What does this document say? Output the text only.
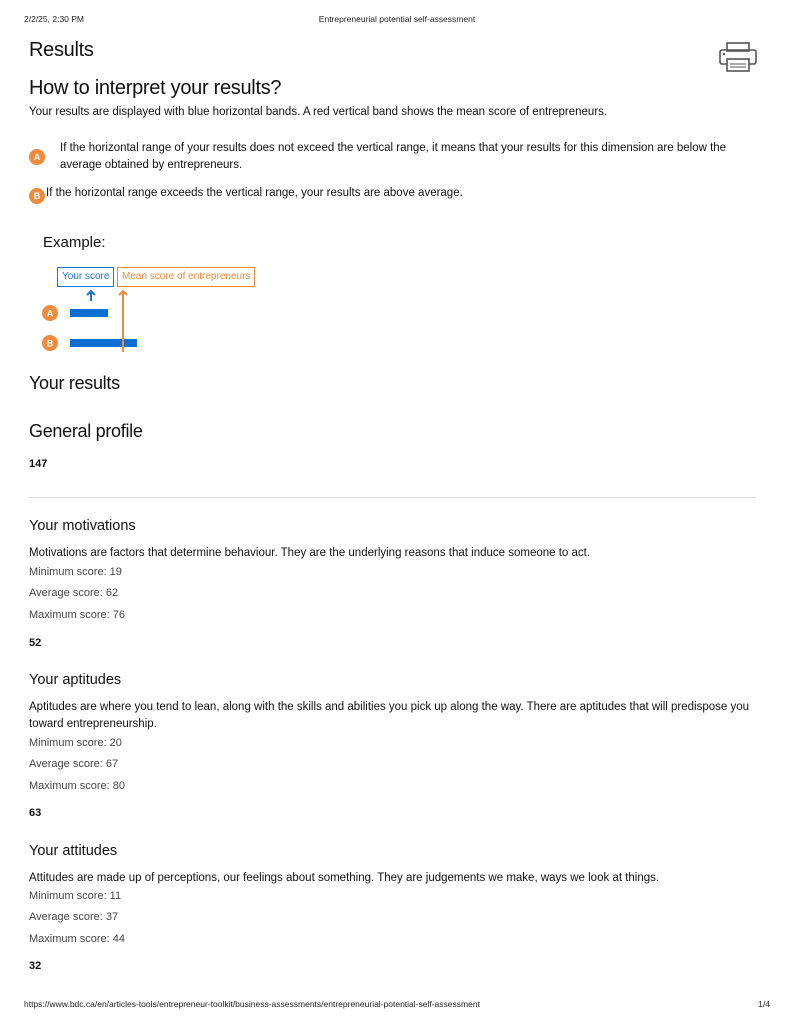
2/2/25, 2:30 PM	Entrepreneurial potential self-assessment
Results
How to interpret your results?

Your results are displayed with blue horizontal bands. A red vertical band shows the mean score of entrepreneurs.

A

If the horizontal range of your results does not exceed the vertical range, it means that your results for this dimension are below the average obtained by entrepreneurs.

B If the horizontal range exceeds the vertical range, your results are above average.

Example:

Your score	Mean score of entrepreneurs
A
B
Your results
General profile

147

Your motivations

Motivations are factors that determine behaviour. They are the underlying reasons that induce someone to act.

Minimum score: 19

Average score: 62

Maximum score: 76

52

Your aptitudes

Aptitudes are where you tend to lean, along with the skills and abilities you pick up along the way. There are aptitudes that will predispose you toward entrepreneurship.

Minimum score: 20

Average score: 67

Maximum score: 80

63

Your attitudes

Attitudes are made up of perceptions, our feelings about something. They are judgements we make, ways we look at things.

Minimum score: 11

Average score: 37

Maximum score: 44

32

https://www.bdc.ca/en/articles-tools/entrepreneur-toolkit/business-assessments/entrepreneurial-potential-self-assessment	1/4
